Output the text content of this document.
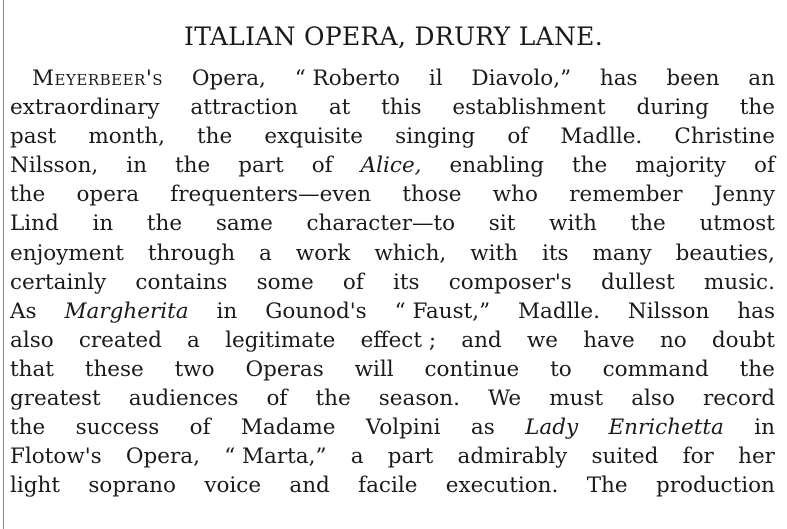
ITALIAN OPERA, DRURY LANE.
Meyerbeer's Opera, “ Roberto il Diavolo,” has been an
extraordinary attraction at this establishment during the
past month, the exquisite singing of Madlle. Christine
Nilsson, in the part of Alice, enabling the majority of
the opera frequenters—even those who remember Jenny
Lind in the same character—to sit with the utmost
enjoyment through a work which, with its many beauties,
certainly contains some of its composer's dullest music.
As Margherita in Gounod's “ Faust,” Madlle. Nilsson has
also created a legitimate effect ; and we have no doubt
that these two Operas will continue to command the
greatest audiences of the season. We must also record
the success of Madame Volpini as Lady Enrichetta in
Flotow's Opera, “ Marta,” a part admirably suited for her
light soprano voice and facile execution. The production
